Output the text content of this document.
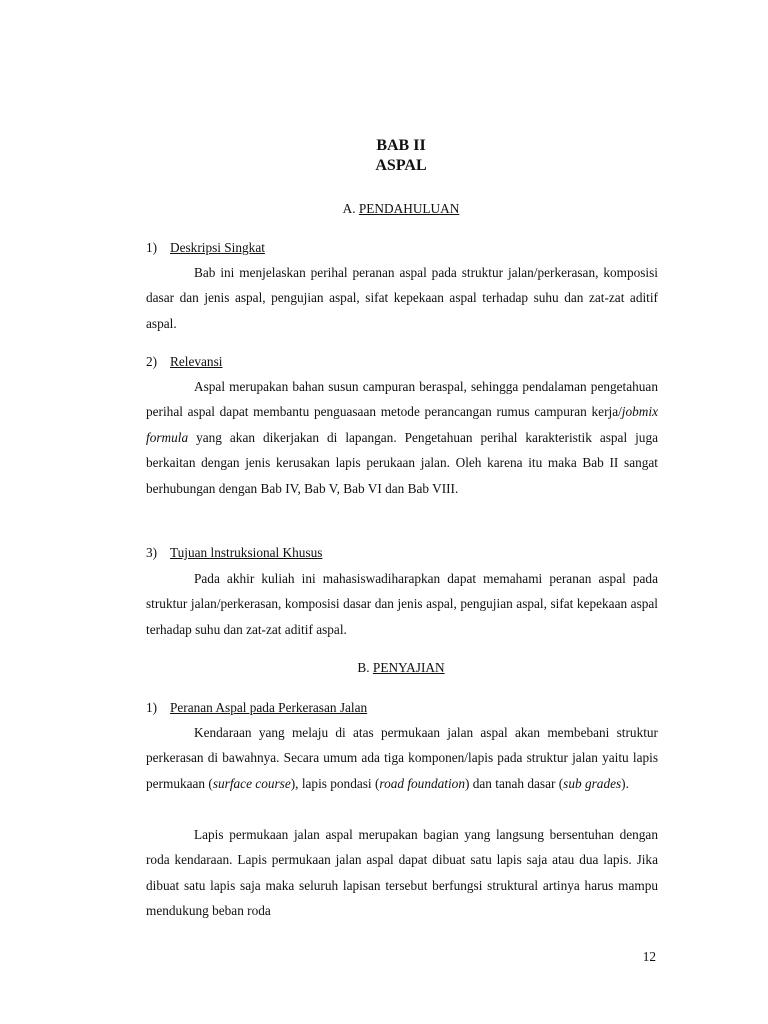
BAB II
ASPAL
A. PENDAHULUAN
1) Deskripsi Singkat
Bab ini menjelaskan perihal peranan aspal pada struktur jalan/perkerasan, komposisi dasar dan jenis aspal, pengujian aspal, sifat kepekaan aspal terhadap suhu dan zat-zat aditif aspal.
2) Relevansi
Aspal merupakan bahan susun campuran beraspal, sehingga pendalaman pengetahuan perihal aspal dapat membantu penguasaan metode perancangan rumus campuran kerja/jobmix formula yang akan dikerjakan di lapangan. Pengetahuan perihal karakteristik aspal juga berkaitan dengan jenis kerusakan lapis perukaan jalan. Oleh karena itu maka Bab II sangat berhubungan dengan Bab IV, Bab V, Bab VI dan Bab VIII.
3) Tujuan lnstruksional Khusus
Pada akhir kuliah ini mahasiswadiharapkan dapat memahami peranan aspal pada struktur jalan/perkerasan, komposisi dasar dan jenis aspal, pengujian aspal, sifat kepekaan aspal terhadap suhu dan zat-zat aditif aspal.
B. PENYAJIAN
1) Peranan Aspal pada Perkerasan Jalan
Kendaraan yang melaju di atas permukaan jalan aspal akan membebani struktur perkerasan di bawahnya. Secara umum ada tiga komponen/lapis pada struktur jalan yaitu lapis permukaan (surface course), lapis pondasi (road foundation) dan tanah dasar (sub grades).
Lapis permukaan jalan aspal merupakan bagian yang langsung bersentuhan dengan roda kendaraan. Lapis permukaan jalan aspal dapat dibuat satu lapis saja atau dua lapis. Jika dibuat satu lapis saja maka seluruh lapisan tersebut berfungsi struktural artinya harus mampu mendukung beban roda
12
